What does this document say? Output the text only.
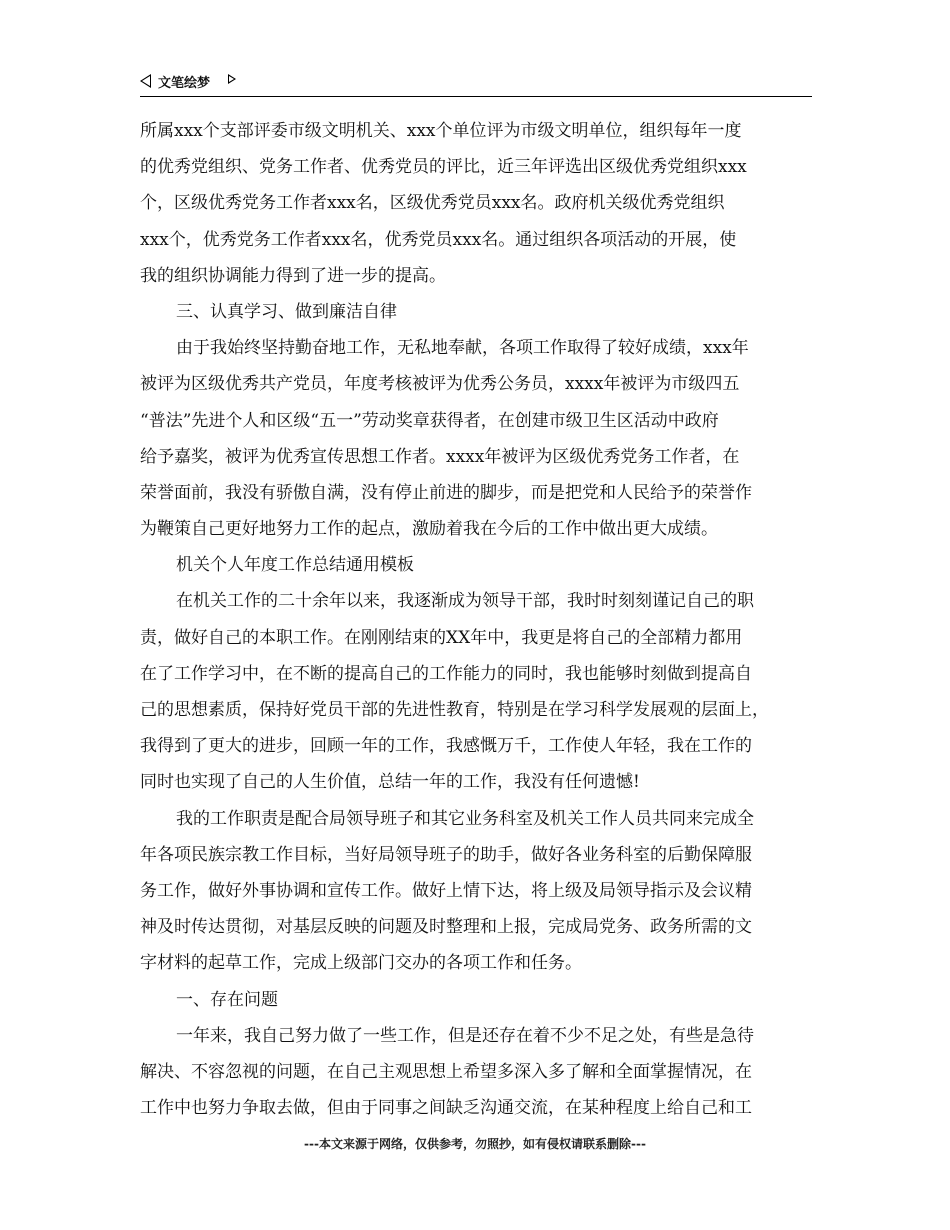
文笔绘梦
所属xxx个支部评委市级文明机关、xxx个单位评为市级文明单位，组织每年一度
的优秀党组织、党务工作者、优秀党员的评比，近三年评选出区级优秀党组织xxx
个，区级优秀党务工作者xxx名，区级优秀党员xxx名。政府机关级优秀党组织
xxx个，优秀党务工作者xxx名，优秀党员xxx名。通过组织各项活动的开展，使
我的组织协调能力得到了进一步的提高。
三、认真学习、做到廉洁自律
由于我始终坚持勤奋地工作，无私地奉献，各项工作取得了较好成绩，xxx年
被评为区级优秀共产党员，年度考核被评为优秀公务员，xxxx年被评为市级四五
“普法”先进个人和区级“五一”劳动奖章获得者，在创建市级卫生区活动中政府
给予嘉奖，被评为优秀宣传思想工作者。xxxx年被评为区级优秀党务工作者，在
荣誉面前，我没有骄傲自满，没有停止前进的脚步，而是把党和人民给予的荣誉作
为鞭策自己更好地努力工作的起点，激励着我在今后的工作中做出更大成绩。
机关个人年度工作总结通用模板
在机关工作的二十余年以来，我逐渐成为领导干部，我时时刻刻谨记自己的职
责，做好自己的本职工作。在刚刚结束的XX年中，我更是将自己的全部精力都用
在了工作学习中，在不断的提高自己的工作能力的同时，我也能够时刻做到提高自
己的思想素质，保持好党员干部的先进性教育，特别是在学习科学发展观的层面上，
我得到了更大的进步，回顾一年的工作，我感慨万千，工作使人年轻，我在工作的
同时也实现了自己的人生价值，总结一年的工作，我没有任何遗憾!
我的工作职责是配合局领导班子和其它业务科室及机关工作人员共同来完成全
年各项民族宗教工作目标，当好局领导班子的助手，做好各业务科室的后勤保障服
务工作，做好外事协调和宣传工作。做好上情下达，将上级及局领导指示及会议精
神及时传达贯彻，对基层反映的问题及时整理和上报，完成局党务、政务所需的文
字材料的起草工作，完成上级部门交办的各项工作和任务。
一、存在问题
一年来，我自己努力做了一些工作，但是还存在着不少不足之处，有些是急待
解决、不容忽视的问题，在自己主观思想上希望多深入多了解和全面掌握情况，在
工作中也努力争取去做，但由于同事之间缺乏沟通交流，在某种程度上给自己和工
---本文来源于网络，仅供参考，勿照抄，如有侵权请联系删除---
